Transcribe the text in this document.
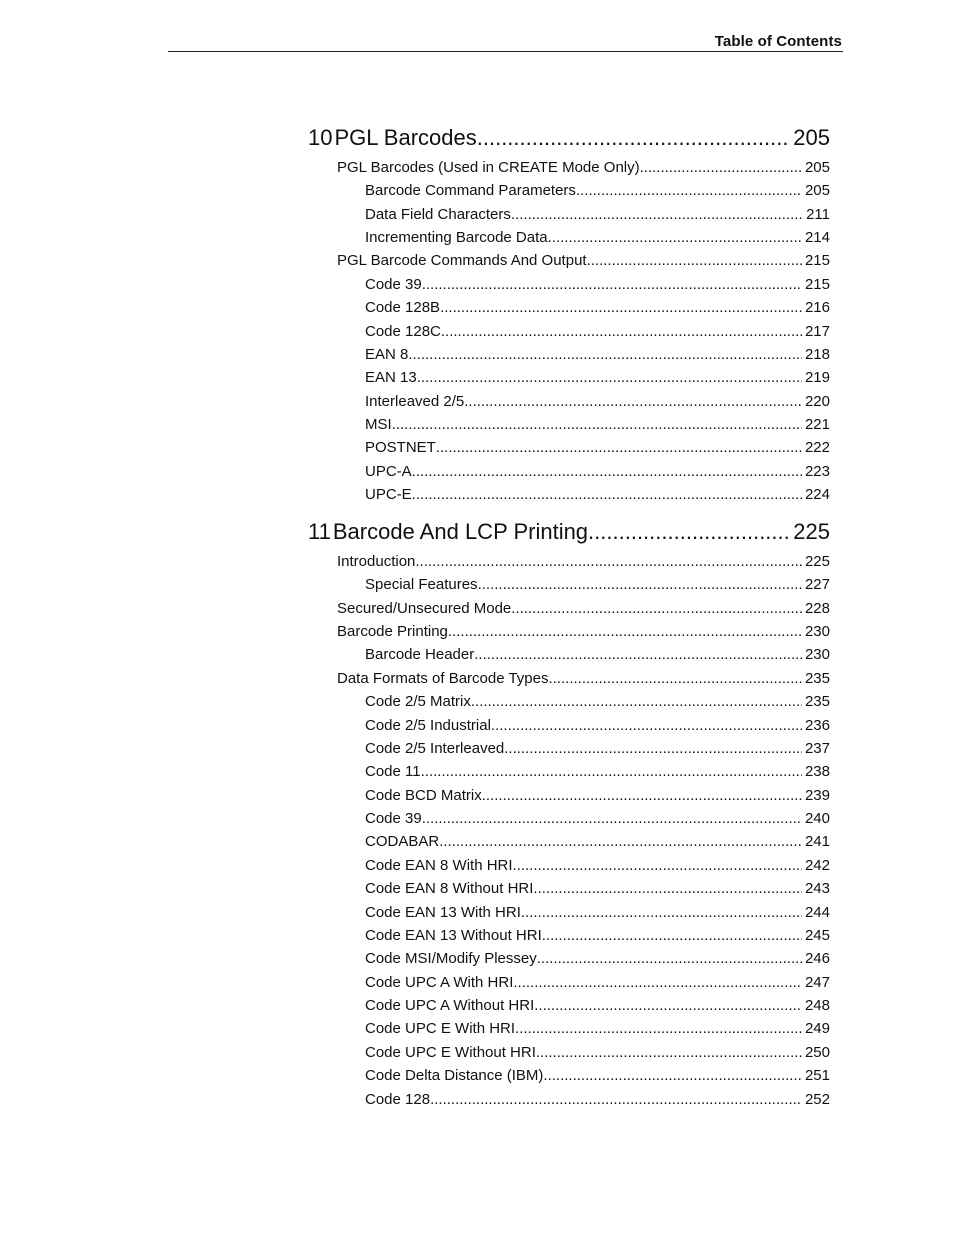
Table of Contents
10 PGL Barcodes .....	205
PGL Barcodes (Used in CREATE Mode Only) .....	205
Barcode Command Parameters .....	205
Data Field Characters .....	211
Incrementing Barcode Data .....	214
PGL Barcode Commands And Output .....	215
Code 39 .....	215
Code 128B .....	216
Code 128C .....	217
EAN 8 .....	218
EAN 13 .....	219
Interleaved 2/5 .....	220
MSI .....	221
POSTNET .....	222
UPC-A .....	223
UPC-E .....	224
11 Barcode And LCP Printing .....	225
Introduction .....	225
Special Features .....	227
Secured/Unsecured Mode .....	228
Barcode Printing .....	230
Barcode Header .....	230
Data Formats of Barcode Types .....	235
Code 2/5 Matrix .....	235
Code 2/5 Industrial .....	236
Code 2/5 Interleaved .....	237
Code 11 .....	238
Code BCD Matrix .....	239
Code 39 .....	240
CODABAR .....	241
Code EAN 8 With HRI .....	242
Code EAN 8 Without HRI .....	243
Code EAN 13 With HRI .....	244
Code EAN 13 Without HRI .....	245
Code MSI/Modify Plessey .....	246
Code UPC A With HRI .....	247
Code UPC A Without HRI .....	248
Code UPC E With HRI .....	249
Code UPC E Without HRI .....	250
Code Delta Distance (IBM) .....	251
Code 128 .....	252
